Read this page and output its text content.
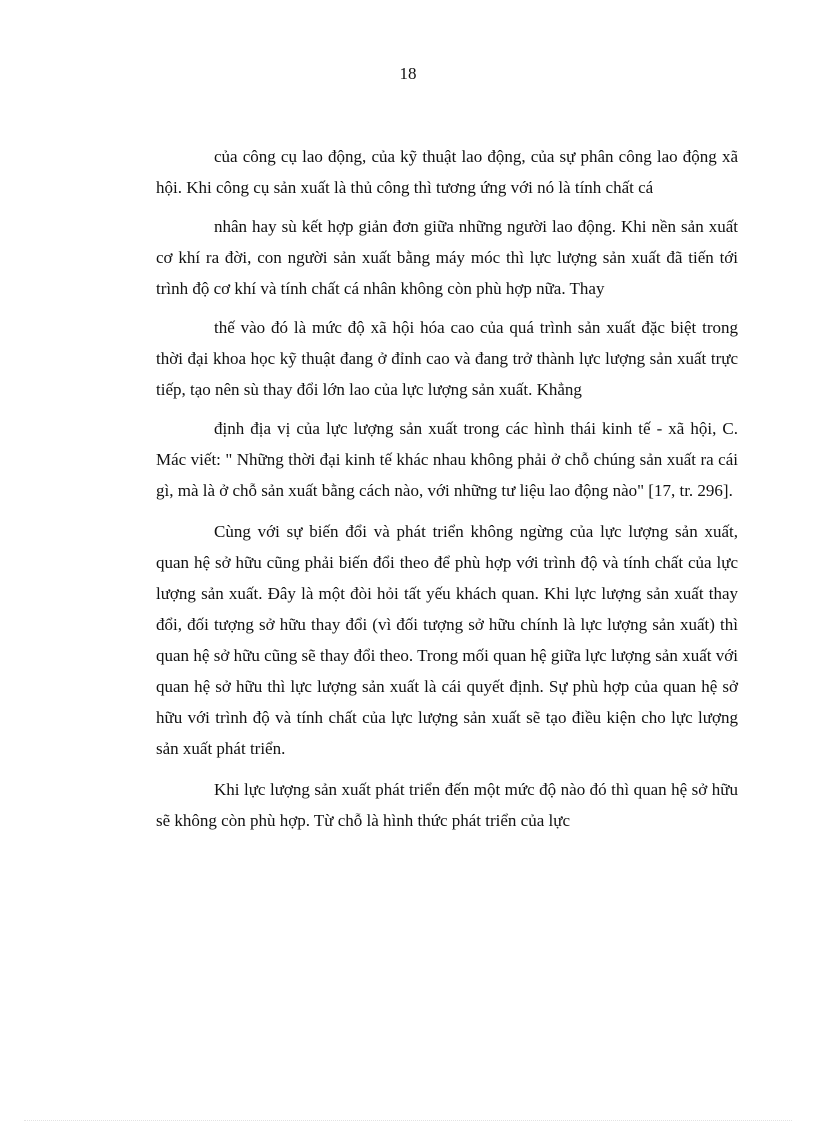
18

của công cụ lao động, của kỹ thuật lao động, của sự phân công lao động xã hội. Khi công cụ sản xuất là thủ công thì tương ứng với nó là tính chất cá

nhân hay sù kết hợp giản đơn giữa những người lao động. Khi nền sản xuất cơ khí ra đời, con người sản xuất bằng máy móc thì lực lượng sản xuất đã tiến tới trình độ cơ khí và tính chất cá nhân không còn phù hợp nữa. Thay

thế vào đó là mức độ xã hội hóa cao của quá trình sản xuất đặc biệt trong thời đại khoa học kỹ thuật đang ở đỉnh cao và đang trở thành lực lượng sản xuất trực tiếp, tạo nên sù thay đổi lớn lao của lực lượng sản xuất. Khẳng

định địa vị của lực lượng sản xuất trong các hình thái kinh tế - xã hội, C. Mác viết: " Những thời đại kinh tế khác nhau không phải ở chỗ chúng sản xuất ra cái gì, mà là ở chỗ sản xuất bằng cách nào, với những tư liệu lao động nào" [17, tr. 296].

Cùng với sự biến đổi và phát triển không ngừng của lực lượng sản xuất, quan hệ sở hữu cũng phải biến đổi theo để phù hợp với trình độ và tính chất của lực lượng sản xuất. Đây là một đòi hỏi tất yếu khách quan. Khi lực lượng sản xuất thay đổi, đối tượng sở hữu thay đổi (vì đối tượng sở hữu chính là lực lượng sản xuất) thì quan hệ sở hữu cũng sẽ thay đổi theo. Trong mối quan hệ giữa lực lượng sản xuất với quan hệ sở hữu thì lực lượng sản xuất là cái quyết định. Sự phù hợp của quan hệ sở hữu với trình độ và tính chất của lực lượng sản xuất sẽ tạo điều kiện cho lực lượng sản xuất phát triển.

Khi lực lượng sản xuất phát triển đến một mức độ nào đó thì quan hệ sở hữu sẽ không còn phù hợp. Từ chỗ là hình thức phát triển của lực
